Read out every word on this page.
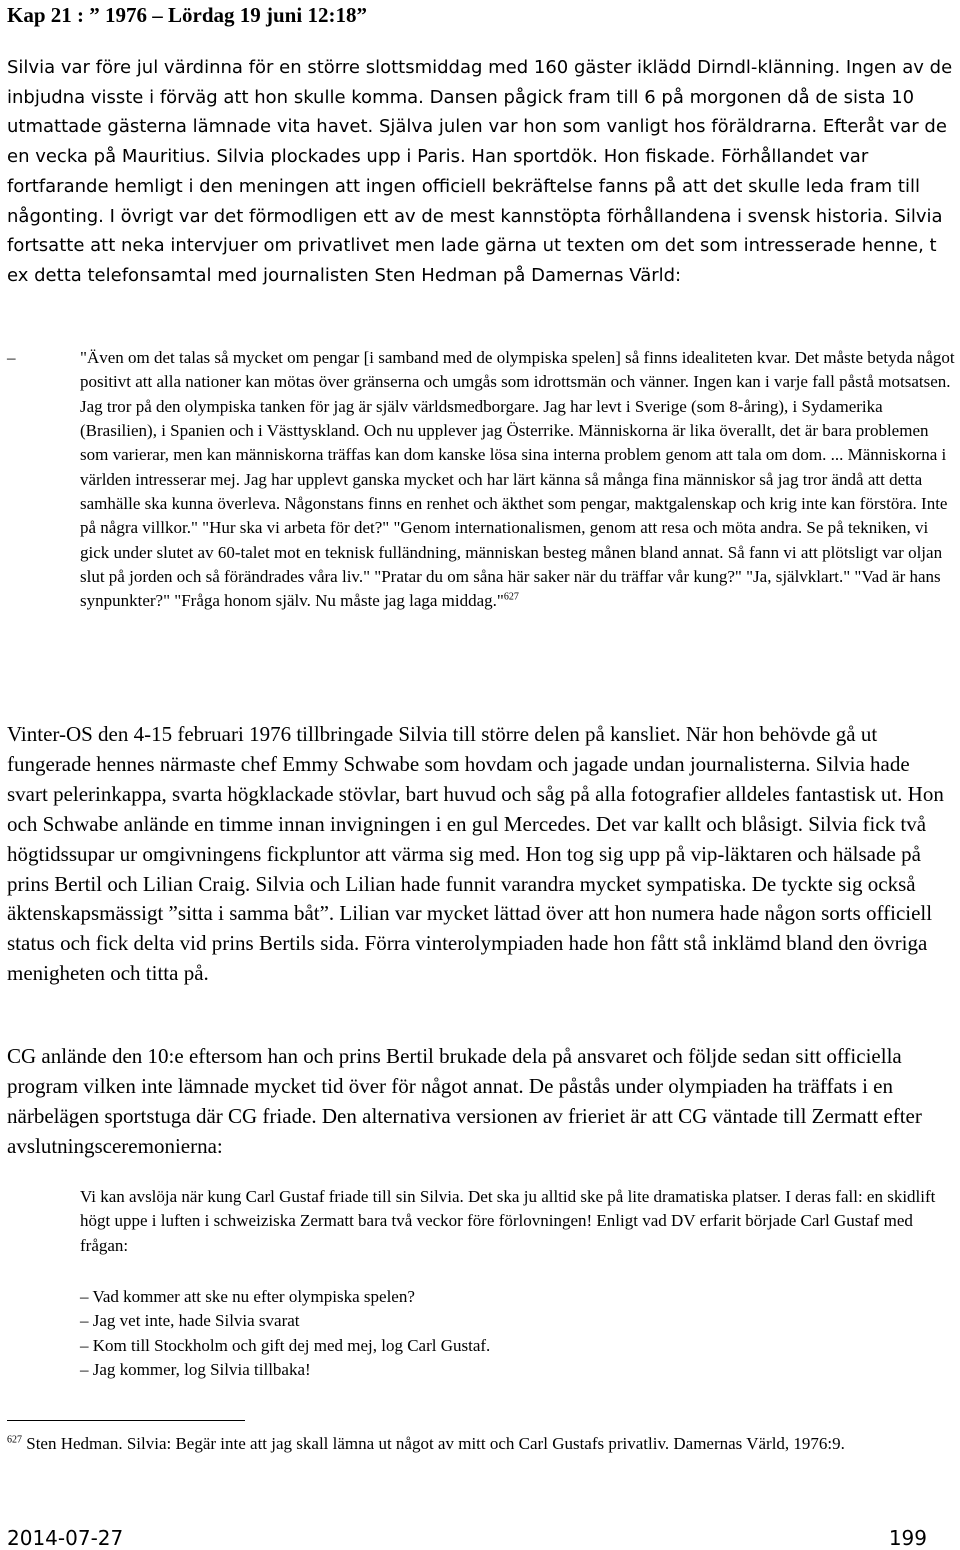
Kap 21 : ” 1976 – Lördag 19 juni 12:18”
Silvia var före jul värdinna för en större slottsmiddag med 160 gäster iklädd Dirndl-klänning. Ingen av de inbjudna visste i förväg att hon skulle komma. Dansen pågick fram till 6 på morgonen då de sista 10 utmattade gästerna lämnade vita havet. Själva julen var hon som vanligt hos föräldrarna. Efteråt var de en vecka på Mauritius. Silvia plockades upp i Paris. Han sportdök. Hon fiskade. Förhållandet var fortfarande hemligt i den meningen att ingen officiell bekräftelse fanns på att det skulle leda fram till någonting. I övrigt var det förmodligen ett av de mest kannstöpta förhållandena i svensk historia. Silvia fortsatte att neka intervjuer om privatlivet men lade gärna ut texten om det som intresserade henne, t ex detta telefonsamtal med journalisten Sten Hedman på Damernas Värld:
–	"Även om det talas så mycket om pengar [i samband med de olympiska spelen] så finns idealiteten kvar. Det måste betyda något positivt att alla nationer kan mötas över gränserna och umgås som idrottsmän och vänner. Ingen kan i varje fall påstå motsatsen. Jag tror på den olympiska tanken för jag är själv världsmedborgare. Jag har levt i Sverige (som 8-åring), i Sydamerika (Brasilien), i Spanien och i Västtyskland. Och nu upplever jag Österrike. Människorna är lika överallt, det är bara problemen som varierar, men kan människorna träffas kan dom kanske lösa sina interna problem genom att tala om dom. ... Människorna i världen intresserar mej. Jag har upplevt ganska mycket och har lärt känna så många fina människor så jag tror ändå att detta samhälle ska kunna överleva. Någonstans finns en renhet och äkthet som pengar, maktgalenskap och krig inte kan förstöra. Inte på några villkor." "Hur ska vi arbeta för det?" "Genom internationalismen, genom att resa och möta andra. Se på tekniken, vi gick under slutet av 60-talet mot en teknisk fulländning, människan besteg månen bland annat. Så fann vi att plötsligt var oljan slut på jorden och så förändrades våra liv." "Pratar du om såna här saker när du träffar vår kung?" "Ja, självklart." "Vad är hans synpunkter?" "Fråga honom själv. Nu måste jag laga middag."$^{627}$
Vinter-OS den 4-15 februari 1976 tillbringade Silvia till större delen på kansliet. När hon behövde gå ut fungerade hennes närmaste chef Emmy Schwabe som hovdam och jagade undan journalisterna. Silvia hade svart pelerinkappa, svarta högklackade stövlar, bart huvud och såg på alla fotografier alldeles fantastisk ut. Hon och Schwabe anlände en timme innan invigningen i en gul Mercedes. Det var kallt och blåsigt. Silvia fick två högtidssupar ur omgivningens fickpluntor att värma sig med. Hon tog sig upp på vip-läktaren och hälsade på prins Bertil och Lilian Craig. Silvia och Lilian hade funnit varandra mycket sympatiska. De tyckte sig också äktenskapsmässigt ”sitta i samma båt”. Lilian var mycket lättad över att hon numera hade någon sorts officiell status och fick delta vid prins Bertils sida. Förra vinterolympiaden hade hon fått stå inklämd bland den övriga menigheten och titta på.
CG anlände den 10:e eftersom han och prins Bertil brukade dela på ansvaret och följde sedan sitt officiella program vilken inte lämnade mycket tid över för något annat. De påstås under olympiaden ha träffats i en närbelägen sportstuga där CG friade. Den alternativa versionen av frieriet är att CG väntade till Zermatt efter avslutningsceremonierna:
Vi kan avslöja när kung Carl Gustaf friade till sin Silvia. Det ska ju alltid ske på lite dramatiska platser. I deras fall: en skidlift högt uppe i luften i schweiziska Zermatt bara två veckor före förlovningen! Enligt vad DV erfarit började Carl Gustaf med frågan:
– Vad kommer att ske nu efter olympiska spelen?
– Jag vet inte, hade Silvia svarat
– Kom till Stockholm och gift dej med mej, log Carl Gustaf.
– Jag kommer, log Silvia tillbaka!
$^{627}$ Sten Hedman. Silvia: Begär inte att jag skall lämna ut något av mitt och Carl Gustafs privatliv. Damernas Värld, 1976:9.
2014-07-27	199
